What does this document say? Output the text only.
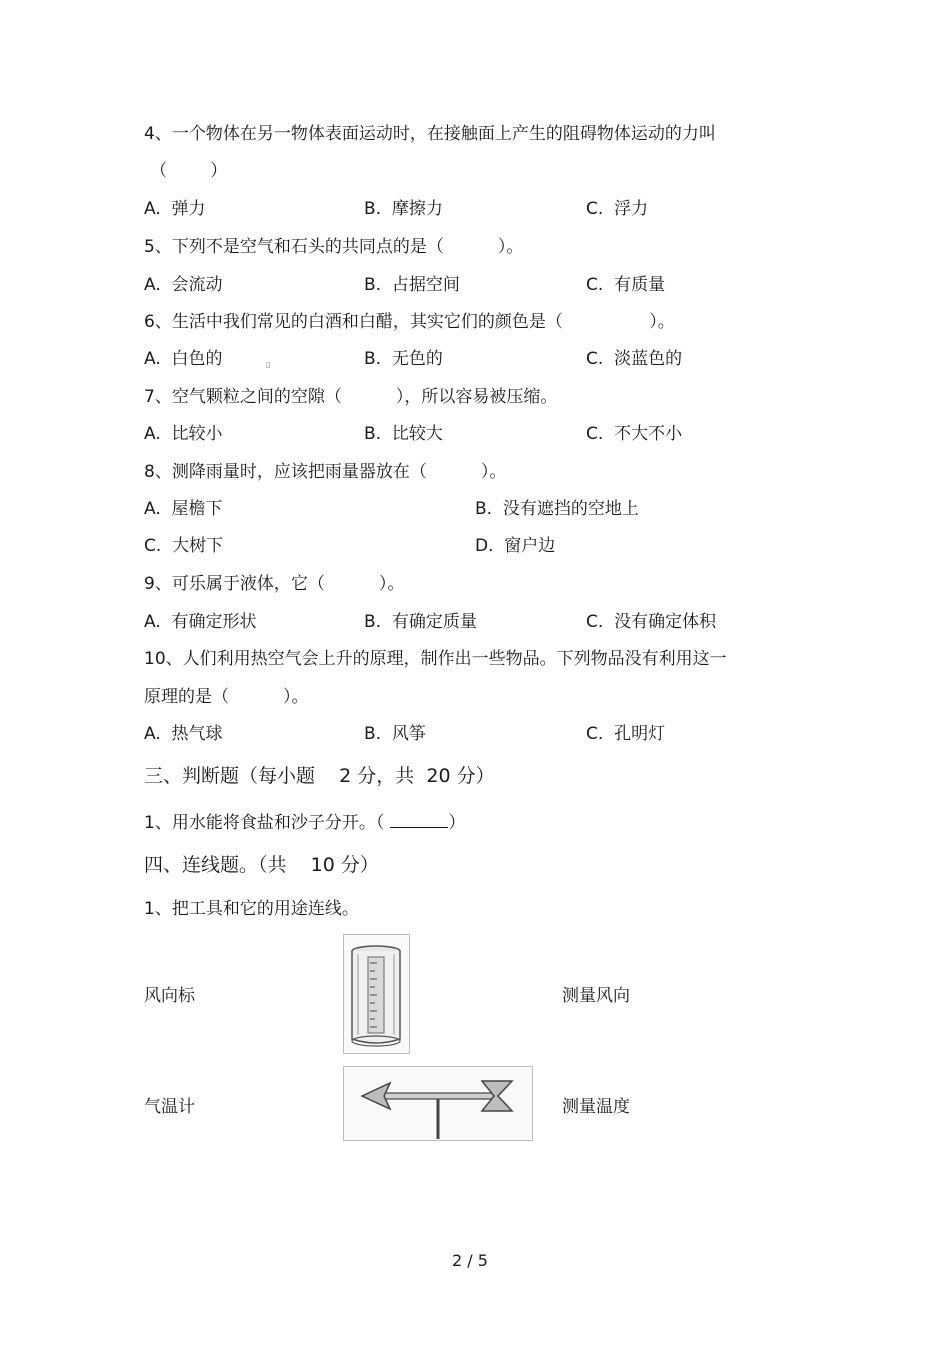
4、一个物体在另一物体表面运动时，在接触面上产生的阻碍物体运动的力叫
（        ）
A.  弹力	B.  摩擦力	C.  浮力
5、下列不是空气和石头的共同点的是（          ）。
A.  会流动	B.  占据空间	C.  有质量
6、生活中我们常见的白酒和白醋，其实它们的颜色是（                ）。
A.  白色的	▯	B.  无色的	C.  淡蓝色的
7、空气颗粒之间的空隙（          ），所以容易被压缩。
A.  比较小	B.  比较大	C.  不大不小
8、测降雨量时，应该把雨量器放在（          ）。
A.  屋檐下	B.  没有遮挡的空地上
C.  大树下	D.  窗户边
9、可乐属于液体，它（          ）。
A.  有确定形状	B.  有确定质量	C.  没有确定体积
10、人们利用热空气会上升的原理，制作出一些物品。下列物品没有利用这一
原理的是（          ）。
A.  热气球	B.  风筝	C.  孔明灯
三、判断题（每小题    2 分，共  20 分）
1、用水能将食盐和沙子分开。（	）
四、连线题。（共    10 分）
1、把工具和它的用途连线。
风向标
气温计
测量风向
测量温度
2 / 5
